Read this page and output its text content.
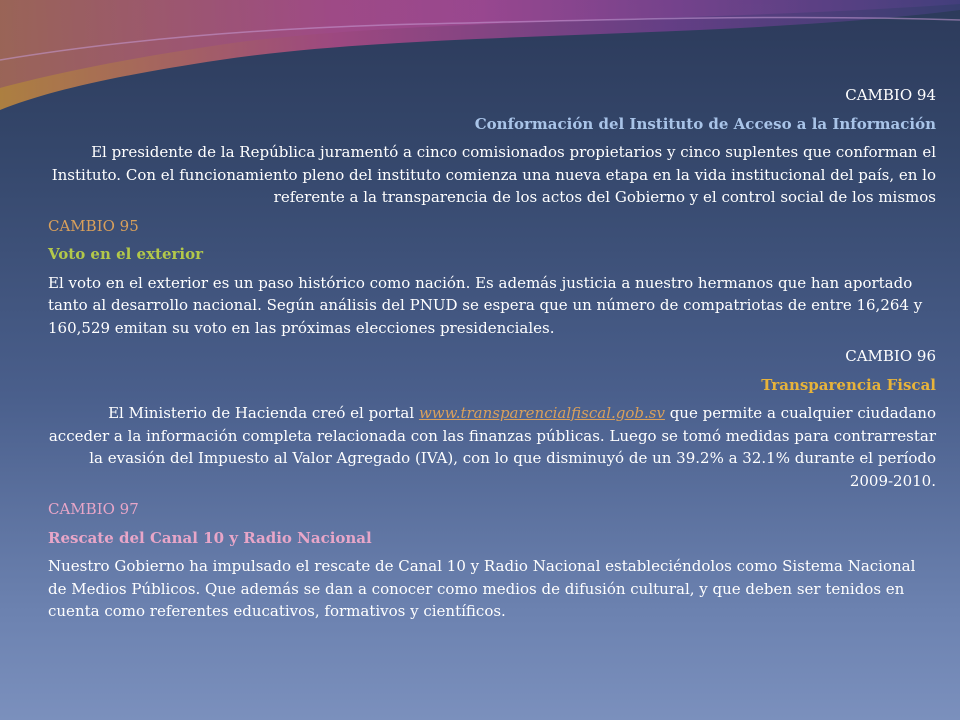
CAMBIO 94

Conformación del Instituto de Acceso a la Información

El presidente de la República juramentó a cinco comisionados propietarios y cinco suplentes que conforman el Instituto. Con el funcionamiento pleno del instituto comienza una nueva etapa en la vida institucional del país, en lo referente a la transparencia de los actos del Gobierno y el control social de los mismos

CAMBIO 95

Voto en el exterior

El voto en el exterior es un paso histórico como nación. Es además justicia a nuestro hermanos que han aportado tanto al desarrollo nacional. Según análisis del PNUD se espera que un número de compatriotas de entre 16,264 y 160,529 emitan su voto en las próximas elecciones presidenciales.

CAMBIO 96

Transparencia Fiscal

El Ministerio de Hacienda creó el portal www.transparencialfiscal.gob.sv que permite a cualquier ciudadano acceder a la información completa relacionada con las finanzas públicas. Luego se tomó medidas para contrarrestar la evasión del Impuesto al Valor Agregado (IVA), con lo que disminuyó de un 39.2% a 32.1% durante el período 2009-2010.

CAMBIO 97

Rescate del Canal 10 y Radio Nacional

Nuestro Gobierno ha impulsado el rescate de Canal 10 y Radio Nacional estableciéndolos como Sistema Nacional de Medios Públicos. Que además se dan a conocer como medios de difusión cultural, y que deben ser tenidos en cuenta como referentes educativos, formativos y científicos.
